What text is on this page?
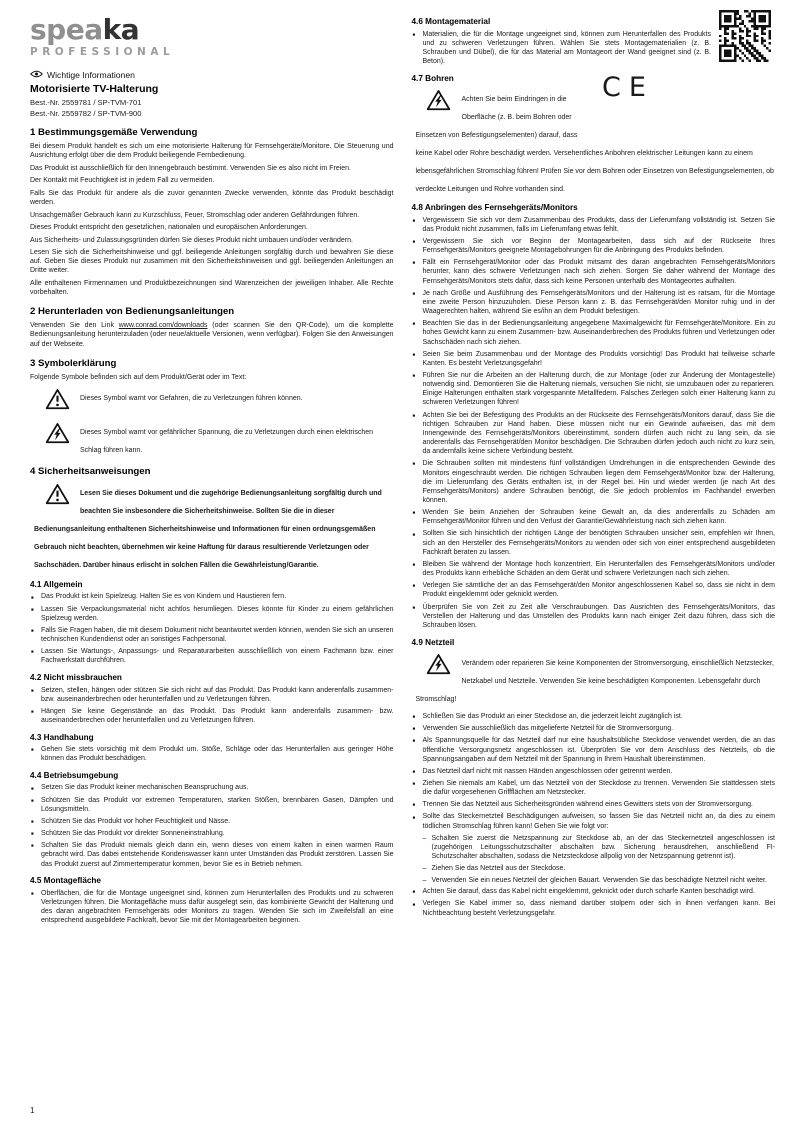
CE
speaka
PROFESSIONAL
Wichtige Informationen
Motorisierte TV-Halterung
Best.-Nr. 2559781 / SP-TVM-701
Best.-Nr. 2559782 / SP-TVM-900
1 Bestimmungsgemäße Verwendung
Bei diesem Produkt handelt es sich um eine motorisierte Halterung für Fernsehgeräte/Monitore. Die Steuerung und Ausrichtung erfolgt über die dem Produkt beiliegende Fernbedienung.
Das Produkt ist ausschließlich für den Innengebrauch bestimmt. Verwenden Sie es also nicht im Freien.
Der Kontakt mit Feuchtigkeit ist in jedem Fall zu vermeiden.
Falls Sie das Produkt für andere als die zuvor genannten Zwecke verwenden, könnte das Produkt beschädigt werden.
Unsachgemäßer Gebrauch kann zu Kurzschluss, Feuer, Stromschlag oder anderen Gefährdungen führen.
Dieses Produkt entspricht den gesetzlichen, nationalen und europäischen Anforderungen.
Aus Sicherheits- und Zulassungsgründen dürfen Sie dieses Produkt nicht umbauen und/oder verändern.
Lesen Sie sich die Sicherheitshinweise und ggf. beiliegende Anleitungen sorgfältig durch und bewahren Sie diese auf. Geben Sie dieses Produkt nur zusammen mit den Sicherheitshinweisen und ggf. beiliegenden Anleitungen an Dritte weiter.
Alle enthaltenen Firmennamen und Produktbezeichnungen sind Warenzeichen der jeweiligen Inhaber. Alle Rechte vorbehalten.
2 Herunterladen von Bedienungsanleitungen
Verwenden Sie den Link www.conrad.com/downloads (oder scannen Sie den QR-Code), um die komplette Bedienungsanleitung herunterzuladen (oder neue/aktuelle Versionen, wenn verfügbar). Folgen Sie den Anweisungen auf der Webseite.
3 Symbolerklärung
Folgende Symbole befinden sich auf dem Produkt/Gerät oder im Text:
Dieses Symbol warnt vor Gefahren, die zu Verletzungen führen können.
Dieses Symbol warnt vor gefährlicher Spannung, die zu Verletzungen durch einen elektrischen Schlag führen kann.
4 Sicherheitsanweisungen
Lesen Sie dieses Dokument und die zugehörige Bedienungsanleitung sorgfältig durch und beachten Sie insbesondere die Sicherheitshinweise. Sollten Sie die in dieser Bedienungsanleitung enthaltenen Sicherheitshinweise und Informationen für einen ordnungsgemäßen Gebrauch nicht beachten, übernehmen wir keine Haftung für daraus resultierende Verletzungen oder Sachschäden. Darüber hinaus erlischt in solchen Fällen die Gewährleistung/Garantie.
4.1 Allgemein
■ Das Produkt ist kein Spielzeug. Halten Sie es von Kindern und Haustieren fern.
■ Lassen Sie Verpackungsmaterial nicht achtlos herumliegen. Dieses könnte für Kinder zu einem gefährlichen Spielzeug werden.
■ Falls Sie Fragen haben, die mit diesem Dokument nicht beantwortet werden können, wenden Sie sich an unseren technischen Kundendienst oder an sonstiges Fachpersonal.
■ Lassen Sie Wartungs-, Anpassungs- und Reparaturarbeiten ausschließlich von einem Fachmann bzw. einer Fachwerkstatt durchführen.
4.2 Nicht missbrauchen
■ Setzen, stellen, hängen oder stützen Sie sich nicht auf das Produkt. Das Produkt kann anderenfalls zusammen- bzw. auseinanderbrechen oder herunterfallen und zu Verletzungen führen.
■ Hängen Sie keine Gegenstände an das Produkt. Das Produkt kann anderenfalls zusammen- bzw. auseinanderbrechen oder herunterfallen und zu Verletzungen führen.
4.3 Handhabung
■ Gehen Sie stets vorsichtig mit dem Produkt um. Stöße, Schläge oder das Herunterfallen aus geringer Höhe können das Produkt beschädigen.
4.4 Betriebsumgebung
■ Setzen Sie das Produkt keiner mechanischen Beanspruchung aus.
■ Schützen Sie das Produkt vor extremen Temperaturen, starken Stößen, brennbaren Gasen, Dämpfen und Lösungsmitteln.
■ Schützen Sie das Produkt vor hoher Feuchtigkeit und Nässe.
■ Schützen Sie das Produkt vor direkter Sonneneinstrahlung.
■ Schalten Sie das Produkt niemals gleich dann ein, wenn dieses von einem kalten in einen warmen Raum gebracht wird. Das dabei entstehende Kondenswasser kann unter Umständen das Produkt zerstören. Lassen Sie das Produkt zuerst auf Zimmertemperatur kommen, bevor Sie es in Betrieb nehmen.
4.5 Montagefläche
■ Oberflächen, die für die Montage ungeeignet sind, können zum Herunterfallen des Produkts und zu schweren Verletzungen führen. Die Montagefläche muss dafür ausgelegt sein, das kombinierte Gewicht der Halterung und des daran angebrachten Fernsehgeräts oder Monitors zu tragen. Wenden Sie sich im Zweifelsfall an eine entsprechend ausgebildete Fachkraft, bevor Sie mit der Montagearbeiten beginnen.
4.6 Montagematerial
■ Materialien, die für die Montage ungeeignet sind, können zum Herunterfallen des Produkts und zu schweren Verletzungen führen. Wählen Sie stets Montagematerialien (z. B. Schrauben und Dübel), die für das Material am Montageort der Wand geeignet sind (z. B. Beton).
4.7 Bohren
Achten Sie beim Eindringen in die Oberfläche (z. B. beim Bohren oder Einsetzen von Befestigungselementen) darauf, dass keine Kabel oder Rohre beschädigt werden. Versehentliches Anbohren elektrischer Leitungen kann zu einem lebensgefährlichen Stromschlag führen! Prüfen Sie vor dem Bohren oder Einsetzen von Befestigungselementen, ob verdeckte Leitungen und Rohre vorhanden sind.
4.8 Anbringen des Fernsehgeräts/Monitors
■ Vergewissern Sie sich vor dem Zusammenbau des Produkts, dass der Lieferumfang vollständig ist. Setzen Sie das Produkt nicht zusammen, falls im Lieferumfang etwas fehlt.
■ Vergewissern Sie sich vor Beginn der Montagearbeiten, dass sich auf der Rückseite Ihres Fernsehgeräts/Monitors geeignete Montagebohrungen für die Anbringung des Produkts befinden.
■ Fällt ein Fernsehgerät/Monitor oder das Produkt mitsamt des daran angebrachten Fernsehgeräts/Monitors herunter, kann dies schwere Verletzungen nach sich ziehen. Sorgen Sie daher während der Montage des Fernsehgeräts/Monitors stets dafür, dass sich keine Personen unterhalb des Montageortes aufhalten.
■ Je nach Größe und Ausführung des Fernsehgeräts/Monitors und der Halterung ist es ratsam, für die Montage eine zweite Person hinzuzuholen. Diese Person kann z. B. das Fernsehgerät/den Monitor ruhig und in der Waagerechten halten, während Sie es/ihn an dem Produkt befestigen.
■ Beachten Sie das in der Bedienungsanleitung angegebene Maximalgewicht für Fernsehgeräte/Monitore. Ein zu hohes Gewicht kann zu einem Zusammen- bzw. Auseinanderbrechen des Produkts führen und Verletzungen oder Sachschäden nach sich ziehen.
■ Seien Sie beim Zusammenbau und der Montage des Produkts vorsichtig! Das Produkt hat teilweise scharfe Kanten. Es besteht Verletzungsgefahr!
■ Führen Sie nur die Arbeiten an der Halterung durch, die zur Montage (oder zur Änderung der Montagestelle) notwendig sind. Demontieren Sie die Halterung niemals, versuchen Sie nicht, sie umzubauen oder zu reparieren. Einige Halterungen enthalten stark vorgespannte Metallfedern. Falsches Zerlegen solch einer Halterung kann zu schweren Verletzungen führen!
■ Achten Sie bei der Befestigung des Produkts an der Rückseite des Fernsehgeräts/Monitors darauf, dass Sie die richtigen Schrauben zur Hand haben. Diese müssen nicht nur ein Gewinde aufweisen, das mit dem Innengewinde des Fernsehgeräts/Monitors übereinstimmt, sondern dürfen auch nicht zu lang sein, da sie anderenfalls das Fernsehgerät/den Monitor beschädigen. Die Schrauben dürfen jedoch auch nicht zu kurz sein, da andernfalls keine sichere Verbindung besteht.
■ Die Schrauben sollten mit mindestens fünf vollständigen Umdrehungen in die entsprechenden Gewinde des Monitors eingeschraubt werden. Die richtigen Schrauben liegen dem Fernsehgerät/Monitor bzw. der Halterung, die im Lieferumfang des Geräts enthalten ist, in der Regel bei. Hin und wieder werden (je nach Art des Fernsehgeräts/Monitors) andere Schrauben benötigt, die Sie jedoch problemlos im Fachhandel erwerben können.
■ Wenden Sie beim Anziehen der Schrauben keine Gewalt an, da dies anderenfalls zu Schäden am Fernsehgerät/Monitor führen und den Verlust der Garantie/Gewährleistung nach sich ziehen kann.
■ Sollten Sie sich hinsichtlich der richtigen Länge der benötigten Schrauben unsicher sein, empfehlen wir Ihnen, sich an den Hersteller des Fernsehgeräts/Monitors zu wenden oder sich von einer entsprechend ausgebildeten Fachkraft beraten zu lassen.
■ Bleiben Sie während der Montage hoch konzentriert. Ein Herunterfallen des Fernsehgeräts/Monitors und/oder des Produkts kann erhebliche Schäden an dem Gerät und schwere Verletzungen nach sich ziehen.
■ Verlegen Sie sämtliche der an das Fernsehgerät/den Monitor angeschlossenen Kabel so, dass sie nicht in dem Produkt eingeklemmt oder geknickt werden.
■ Überprüfen Sie von Zeit zu Zeit alle Verschraubungen. Das Ausrichten des Fernsehgeräts/Monitors, das Verstellen der Halterung und das Umstellen des Produkts kann nach einiger Zeit dazu führen, dass sich die Schrauben lösen.
4.9 Netzteil
Verändern oder reparieren Sie keine Komponenten der Stromversorgung, einschließlich Netzstecker, Netzkabel und Netzteile. Verwenden Sie keine beschädigten Komponenten. Lebensgefahr durch Stromschlag!
■ Schließen Sie das Produkt an einer Steckdose an, die jederzeit leicht zugänglich ist.
■ Verwenden Sie ausschließlich das mitgelieferte Netzteil für die Stromversorgung.
■ Als Spannungsquelle für das Netzteil darf nur eine haushaltsübliche Steckdose verwendet werden, die an das öffentliche Versorgungsnetz angeschlossen ist. Überprüfen Sie vor dem Anschluss des Netzteils, ob die Spannungsangaben auf dem Netzteil mit der Spannung in Ihrem Haushalt übereinstimmen.
■ Das Netzteil darf nicht mit nassen Händen angeschlossen oder getrennt werden.
■ Ziehen Sie niemals am Kabel, um das Netzteil von der Steckdose zu trennen. Verwenden Sie stattdessen stets die dafür vorgesehenen Griffflächen am Netzstecker.
■ Trennen Sie das Netzteil aus Sicherheitsgründen während eines Gewitters stets von der Stromversorgung.
■ Sollte das Steckernetzteil Beschädigungen aufweisen, so fassen Sie das Netzteil nicht an, da dies zu einem tödlichen Stromschlag führen kann! Gehen Sie wie folgt vor:
– Schalten Sie zuerst die Netzspannung zur Steckdose ab, an der das Steckernetzteil angeschlossen ist (zugehörigen Leitungsschutzschalter abschalten bzw. Sicherung herausdrehen, anschließend FI-Schutzschalter abschalten, sodass die Netzsteckdose allpolig von der Netzspannung getrennt ist).
– Ziehen Sie das Netzteil aus der Steckdose.
– Verwenden Sie ein neues Netzteil der gleichen Bauart. Verwenden Sie das beschädigte Netzteil nicht weiter.
■ Achten Sie darauf, dass das Kabel nicht eingeklemmt, geknickt oder durch scharfe Kanten beschädigt wird.
■ Verlegen Sie Kabel immer so, dass niemand darüber stolpern oder sich in ihnen verfangen kann. Bei Nichtbeachtung besteht Verletzungsgefahr.
1
